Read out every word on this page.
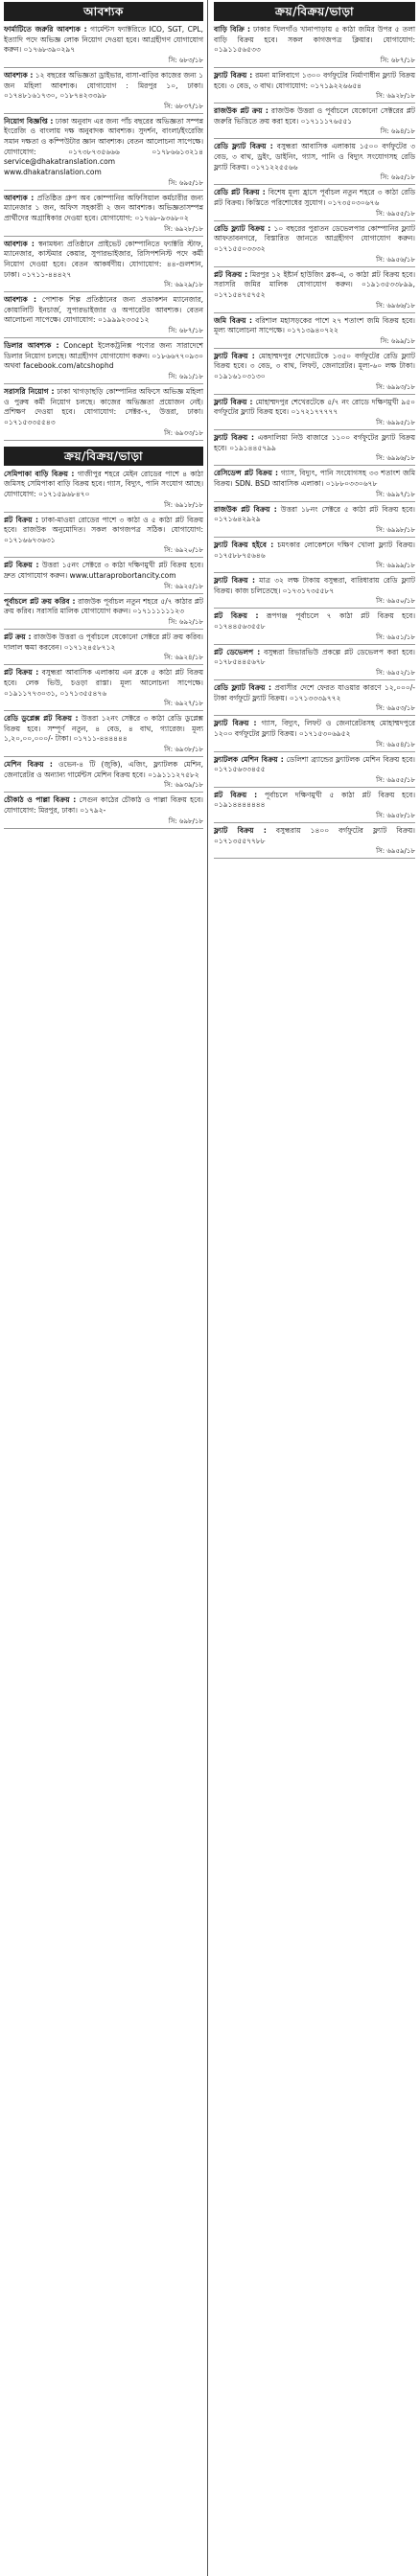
আবশ্যক
ফার্মাটিতে জরুরি আবশ্যক : গার্মেন্টস ফ্যাক্টরিতে ICO, SGT, CPL, ইত্যাদি পদে অভিজ্ঞ লোক নিয়োগ দেওয়া হবে। আগ্রহীগণ যোগাযোগ করুন। ০১৭৬৮৩৯০২৯৭
সি: ৬৮৩/১৮
আবশ্যক : ১২ বছরের অভিজ্ঞতা ড্রাইভার, বাসা-বাড়ির কাজের জন্য ১ জন মহিলা আবশ্যক। যোগাযোগ : মিরপুর ১০, ঢাকা। ০১৭৪৮১৬১৭৩০, ০১৮৭৪২৩৩৯৮
সি: ৬৮৩৭/১৮
নিয়োগ বিজ্ঞপ্তি : ঢাকা অনুবাদ এর জন্য পাঁচ বছরের অভিজ্ঞতা সম্পন্ন ইংরেজি ও বাংলায় দক্ষ অনুবাদক আবশ্যক। সুদর্শন, বাংলা/ইংরেজি সমান দক্ষতা ও কম্পিউটার জ্ঞান আবশ্যক। বেতন আলোচনা সাপেক্ষে। যোগাযোগ: ০১৭৩৮৭৩৫৬৬৬ ০১৭৮৬৬১৩২১৪ service@dhakatranslation.com www.dhakatranslation.com
সি: ৬৯৫/১৮
আবশ্যক : প্রতিষ্ঠিত গ্রুপ অব কোম্পানির অফিসিয়াল কর্মচারীর জন্য ম্যানেজার ১ জন, অফিস সহকারী ২ জন আবশ্যক। অভিজ্ঞতাসম্পন্ন প্রার্থীদের অগ্রাধিকার দেওয়া হবে। যোগাযোগ: ০১৭৬৮-৯৩৬৮০২
সি: ৬৯২৮/১৮
আবশ্যক : স্বনামধন্য প্রতিষ্ঠানে প্রাইভেট কোম্পানিতে ফ্যাক্টরি স্টাফ, ম্যানেজার, কাস্টমার কেয়ার, সুপারভাইজার, রিসিপশনিস্ট পদে কর্মী নিয়োগ দেওয়া হবে। বেতন আকর্ষণীয়। যোগাযোগ: ৪৪-গুলশান, ঢাকা। ০১৭১১-৪৪৪২৭
সি: ৬৯২৯/১৮
আবশ্যক : পোশাক শিল্প প্রতিষ্ঠানের জন্য প্রডাকশন ম্যানেজার, কোয়ালিটি ইনচার্জ, সুপারভাইজার ও অপারেটর আবশ্যক। বেতন আলোচনা সাপেক্ষে। যোগাযোগ: ০১৯৯৯২৩৩৫১২
সি: ৬৮৭/১৮
ডিলার আবশ্যক : Concept ইলেকট্রনিক্স পণ্যের জন্য সারাদেশে ডিলার নিয়োগ চলছে। আগ্রহীগণ যোগাযোগ করুন। ০১৮৬৬৭৭০৯৩০ অথবা facebook.com/atcshophd
সি: ৬৯১/১৮
সরাসরি নিয়োগ : ঢাকা খাগড়াছড়ি কোম্পানির অফিসে অভিজ্ঞ মহিলা ও পুরুষ কর্মী নিয়োগ চলছে। কাজের অভিজ্ঞতা প্রয়োজন নেই। প্রশিক্ষণ দেওয়া হবে। যোগাযোগ: সেক্টর-৭, উত্তরা, ঢাকা। ০১৭১৫৩৩৫৫৪৩
সি: ৬৯৩৩/১৮
ক্রয়/বিক্রয়/ভাড়া
সেমিপাকা বাড়ি বিক্রয় : গাজীপুর শহরে মেইন রোডের পাশে ৪ কাঠা জমিসহ সেমিপাকা বাড়ি বিক্রয় হবে। গ্যাস, বিদ্যুৎ, পানি সংযোগ আছে। যোগাযোগ: ০১৭১৫৯৬৮৪৭০
সি: ৬৯১৮/১৮
প্লট বিক্রয় : ঢাকা-মাওয়া রোডের পাশে ৩ কাঠা ও ৫ কাঠা প্লট বিক্রয় হবে। রাজউক অনুমোদিত। সকল কাগজপত্র সঠিক। যোগাযোগ: ০১৭১৬৬৭৩৬৩১
সি: ৬৯২০/১৮
প্লট বিক্রয় : উত্তরা ১৫নং সেক্টরে ৩ কাঠা দক্ষিণমুখী প্লট বিক্রয় হবে। দ্রুত যোগাযোগ করুন। www.uttaraprobortancity.com
সি: ৬৯২৫/১৮
পূর্বাচলে প্লট ক্রয় করিব : রাজউক পূর্বাচল নতুন শহরে ৫/৭ কাঠার প্লট ক্রয় করিব। সরাসরি মালিক যোগাযোগ করুন। ০১৭১১১১১১২৩
সি: ৬৯২/১৮
প্লট ক্রয় : রাজউক উত্তরা ও পূর্বাচলে যেকোনো সেক্টরে প্লট ক্রয় করিব। দালাল ক্ষমা করবেন। ০১৭১২৪৫৮৭১২
সি: ৬৯২৪/১৮
প্লট বিক্রয় : বসুন্ধরা আবাসিক এলাকায় এন ব্লকে ৫ কাঠা প্লট বিক্রয় হবে। লেক ভিউ, চওড়া রাস্তা। মূল্য আলোচনা সাপেক্ষে। ০১৯১১৭৭৩০৩১, ০১৭১৩৫৫৪৭৬
সি: ৬৯২৭/১৮
রেডি ডুপ্লেক্স প্লট বিক্রয় : উত্তরা ১২নং সেক্টরে ৩ কাঠা রেডি ডুপ্লেক্স বিক্রয় হবে। সম্পূর্ণ নতুন, ৪ বেড, ৪ বাথ, গ্যারেজ। মূল্য ১,২০,০০,০০০/- টাকা। ০১৭১১-৪৪৪৪৪৪
সি: ৬৯৩৮/১৮
মেশিন বিক্রয় : ওভেন-৪ টি (জুকি), এজিং, ফ্ল্যাটলক মেশিন, জেনারেটর ও অন্যান্য গার্মেন্টস মেশিন বিক্রয় হবে। ০১৯১১১২৭৫৮২
সি: ৬৯৩৯/১৮
চৌকাঠ ও পাল্লা বিক্রয় : সেগুন কাঠের চৌকাঠ ও পাল্লা বিক্রয় হবে। যোগাযোগ: মিরপুর, ঢাকা। ০১৭৯২-
সি: ৬৯৮/১৮
ক্রয়/বিক্রয়/ভাড়া
বাড়ি বিক্রি : ঢাকার খিলগাঁও খানাপাড়ায় ৫ কাঠা জমির উপর ৫ তলা বাড়ি বিক্রয় হবে। সকল কাগজপত্র ক্লিয়ার। যোগাযোগ: ০১৯১১৫৬৫৩৩
সি: ৬৮৭/১৮
ফ্ল্যাট বিক্রয় : রমনা মালিবাগে ১৩০০ বর্গফুটের নির্মাণাধীন ফ্ল্যাট বিক্রয় হবে। ৩ বেড, ৩ বাথ। যোগাযোগ: ০১৭১৯২২৬৬৫৪
সি: ৬৯২৮/১৮
রাজউক প্লট ক্রয় : রাজউক উত্তরা ও পূর্বাচলে যেকোনো সেক্টরের প্লট জরুরি ভিত্তিতে ক্রয় করা হবে। ০১৭১১১৭৬৫৫১
সি: ৬৯৪/১৮
রেডি ফ্ল্যাট বিক্রয় : বসুন্ধরা আবাসিক এলাকায় ১৫০০ বর্গফুটের ৩ বেড, ৩ বাথ, ড্রইং, ডাইনিং, গ্যাস, পানি ও বিদ্যুৎ সংযোগসহ রেডি ফ্ল্যাট বিক্রয়। ০১৭১২২৫৫৬৬
সি: ৬৯৫/১৮
রেডি প্লট বিক্রয় : বিশেষ মূল্য হ্রাসে পূর্বাচল নতুন শহরে ৩ কাঠা রেডি প্লট বিক্রয়। কিস্তিতে পরিশোধের সুযোগ। ০১৭৩৫০৩০৬৭৬
সি: ৬৯৫৫/১৮
রেডি ফ্ল্যাট বিক্রয় : ১০ বছরের পুরাতন ডেভেলপার কোম্পানির ফ্ল্যাট আফতাবনগরে, বিস্তারিত জানতে আগ্রহীগণ যোগাযোগ করুন। ০১৭১৫৫০৩৩৩২
সি: ৬৯৫৬/১৮
প্লট বিক্রয় : মিরপুর ১২ ইষ্টার্ন হাউজিং ব্লক-এ, ৩ কাঠা প্লট বিক্রয় হবে। সরাসরি জমির মালিক যোগাযোগ করুন। ০১৯১৩৫৩৩৮৯৯, ০১৭১৫৪৭৫৭৫২
সি: ৬৯৬৬/১৮
জমি বিক্রয় : বরিশাল মহাসড়কের পাশে ২৭ শতাংশ জমি বিক্রয় হবে। মূল্য আলোচনা সাপেক্ষে। ০১৭১৩৯৪০৭২২
সি: ৬৯৯/১৮
ফ্ল্যাট বিক্রয় : মোহাম্মদপুর শেখেরটেকে ১৩৫০ বর্গফুটের রেডি ফ্ল্যাট বিক্রয় হবে। ৩ বেড, ৩ বাথ, লিফট, জেনারেটর। মূল্য-৬০ লক্ষ টাকা। ০১৯১৬১০৩১৩০
সি: ৬৯৯৩/১৮
ফ্ল্যাট বিক্রয় : মোহাম্মদপুর শেখেরটেকে ৫/৭ নং রোডে দক্ষিণমুখী ৯৫০ বর্গফুটের ফ্ল্যাট বিক্রয় হবে। ০১৭২১৭৭৭৭৭
সি: ৬৯৯৫/১৮
ফ্ল্যাট বিক্রয় : একদালিয়া নিউ বাজারে ১১০০ বর্গফুটের ফ্ল্যাট বিক্রয় হবে। ০১৯১৪৪৫৭৯৯
সি: ৬৯৯৬/১৮
রেসিডেন্স প্লট বিক্রয় : গ্যাস, বিদ্যুৎ, পানি সংযোগসহ ৩৩ শতাংশ জমি বিক্রয়। SDN. BSD আবাসিক এলাকা। ০১৮৮০৩৩০৬৭৮
সি: ৬৯৯৭/১৮
রাজউক প্লট বিক্রয় : উত্তরা ১৮নং সেক্টরে ৫ কাঠা প্লট বিক্রয় হবে। ০১৭১৬৪২৯২৯
সি: ৬৯৯৮/১৮
ফ্ল্যাট বিক্রয় হইবে : চমৎকার লোকেশনে দক্ষিণ খোলা ফ্ল্যাট বিক্রয়। ০১৭৫৮৮৭৫৬৪৬
সি: ৬৯৯৯/১৮
ফ্ল্যাট বিক্রয় : মাত্র ৩২ লক্ষ টাকায় বসুন্ধরা, বারিধারায় রেডি ফ্ল্যাট বিক্রয়। কাজ চলিতেছে। ০১৭৩১৭৩৫৫৮৭
সি: ৬৯৫০/১৮
প্লট বিক্রয় : রূপগঞ্জ পূর্বাচলে ৭ কাঠা প্লট বিক্রয় হবে। ০১৭৪৪৫৬৩৫৫৮
সি: ৬৯৫১/১৮
প্লট ডেভেলপ : বসুন্ধরা রিভারভিউ প্রকল্পে প্লট ডেভেলপ করা হবে। ০১৭৮৫৪৪৫৬৭৮
সি: ৬৯৫২/১৮
রেডি ফ্ল্যাট বিক্রয় : প্রবাসীর দেশে ফেরত যাওয়ার কারণে ১২,০০০/- টাকা বর্গফুটে ফ্ল্যাট বিক্রয়। ০১৭১৩৩৩৯৭৭২
সি: ৬৯৫৩/১৮
ফ্ল্যাট বিক্রয় : গ্যাস, বিদ্যুৎ, লিফট ও জেনারেটরসহ মোহাম্মদপুরে ১২০০ বর্গফুটের ফ্ল্যাট বিক্রয়। ০১৭১৫৩০৬৯৫২
সি: ৬৯৫৪/১৮
ফ্ল্যাটলক মেশিন বিক্রয় : ডেলিশা ব্র্যান্ডের ফ্ল্যাটলক মেশিন বিক্রয় হবে। ০১৭১৫৬৩৩৪৫৫
সি: ৬৯৫৫/১৮
প্লট বিক্রয় : পূর্বাচলে দক্ষিণমুখী ৫ কাঠা প্লট বিক্রয় হবে। ০১৯১৪৪৪৪৪৪৪
সি: ৬৯৫৮/১৮
ফ্ল্যাট বিক্রয় : বসুন্ধরায় ১৪০০ বর্গফুটের ফ্ল্যাট বিক্রয়। ০১৭১৩৫৫৭৭৮৮
সি: ৬৯৫৯/১৮
